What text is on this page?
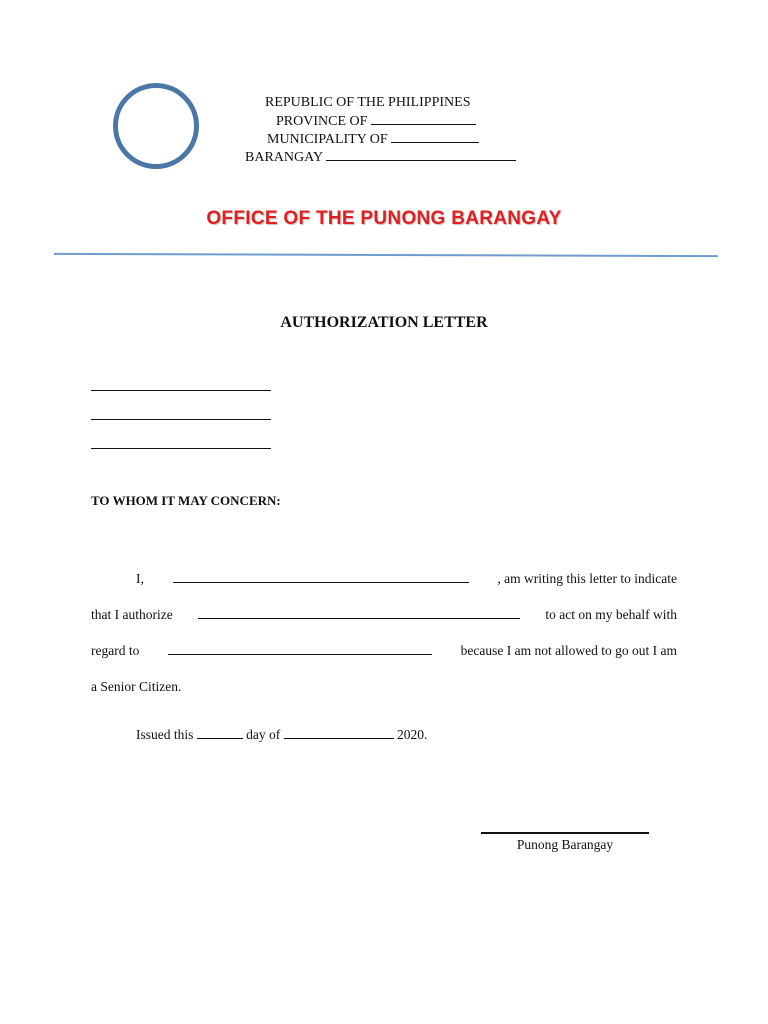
REPUBLIC OF THE PHILIPPINES
PROVINCE OF
MUNICIPALITY OF
BARANGAY
OFFICE OF THE PUNONG BARANGAY
AUTHORIZATION LETTER
TO WHOM IT MAY CONCERN:
I,	, am writing this letter to indicate
that I authorize	to act on my behalf with
regard to	because I am not allowed to go out I am
a Senior Citizen.
Issued this	day of	2020.
Punong Barangay
